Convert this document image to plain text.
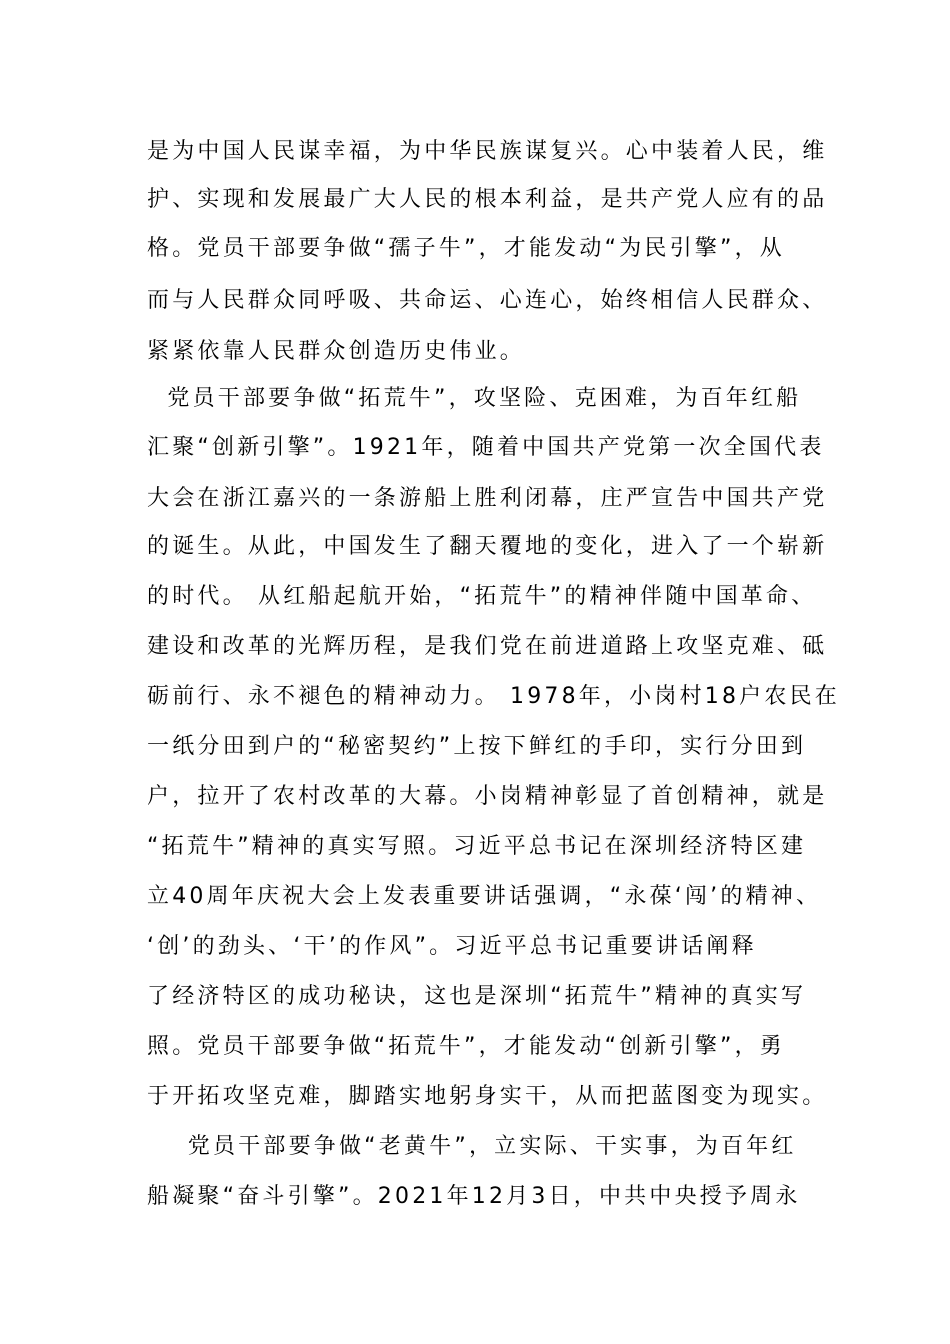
是为中国人民谋幸福，为中华民族谋复兴。心中装着人民，维
护、实现和发展最广大人民的根本利益，是共产党人应有的品
格。党员干部要争做“孺子牛”，才能发动“为民引擎”，从
而与人民群众同呼吸、共命运、心连心，始终相信人民群众、
紧紧依靠人民群众创造历史伟业。
党员干部要争做“拓荒牛”，攻坚险、克困难，为百年红船
汇聚“创新引擎”。1921年，随着中国共产党第一次全国代表
大会在浙江嘉兴的一条游船上胜利闭幕，庄严宣告中国共产党
的诞生。从此，中国发生了翻天覆地的变化，进入了一个崭新
的时代。 从红船起航开始，“拓荒牛”的精神伴随中国革命、
建设和改革的光辉历程，是我们党在前进道路上攻坚克难、砥
砺前行、永不褪色的精神动力。 1978年，小岗村18户农民在
一纸分田到户的“秘密契约”上按下鲜红的手印，实行分田到
户，拉开了农村改革的大幕。小岗精神彰显了首创精神，就是
“拓荒牛”精神的真实写照。习近平总书记在深圳经济特区建
立40周年庆祝大会上发表重要讲话强调，“永葆‘闯’的精神、
‘创’的劲头、‘干’的作风”。习近平总书记重要讲话阐释
了经济特区的成功秘诀，这也是深圳“拓荒牛”精神的真实写
照。党员干部要争做“拓荒牛”，才能发动“创新引擎”，勇
于开拓攻坚克难，脚踏实地躬身实干，从而把蓝图变为现实。
党员干部要争做“老黄牛”，立实际、干实事，为百年红
船凝聚“奋斗引擎”。2021年12月3日，中共中央授予周永
